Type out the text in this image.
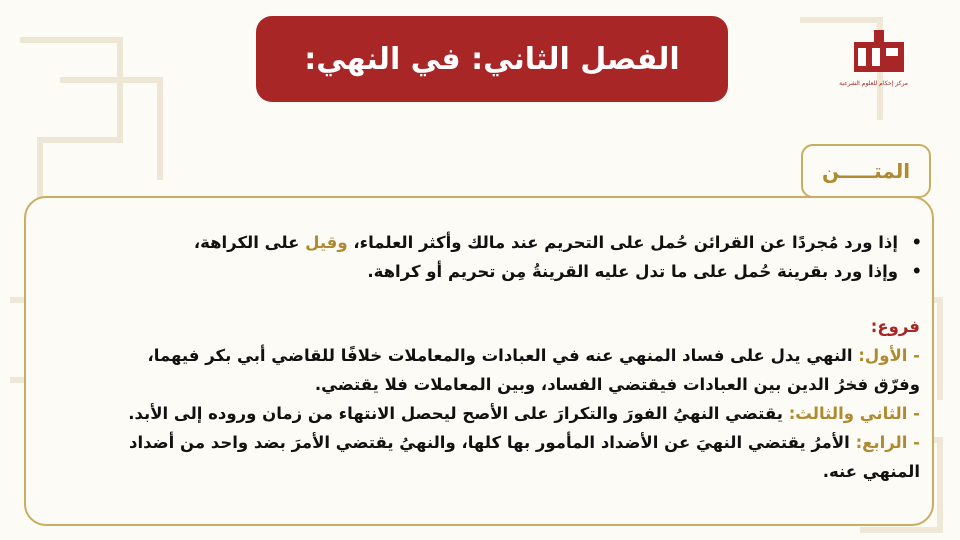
الفصل الثاني: في النهي:
مركز إحكام للعلوم الشرعية
المتـــــن
•
إذا ورد مُجردًا عن القرائن حُمل على التحريم عند مالك وأكثر العلماء، وقيل على الكراهة،
•
وإذا ورد بقرينة حُمل على ما تدل عليه القرينةُ مِن تحريم أو كراهة.
فروع:
- الأول: النهي يدل على فساد المنهي عنه في العبادات والمعاملات خلافًا للقاضي أبي بكر فيهما،
وفرّق فخرُ الدين بين العبادات فيقتضي الفساد، وبين المعاملات فلا يقتضي.
- الثاني والثالث: يقتضي النهيُ الفورَ والتكرارَ على الأصح ليحصل الانتهاء من زمان وروده إلى الأبد.
- الرابع: الأمرُ يقتضي النهيَ عن الأضداد المأمور بها كلها، والنهيُ يقتضي الأمرَ بضد واحد من أضداد
المنهي عنه.
